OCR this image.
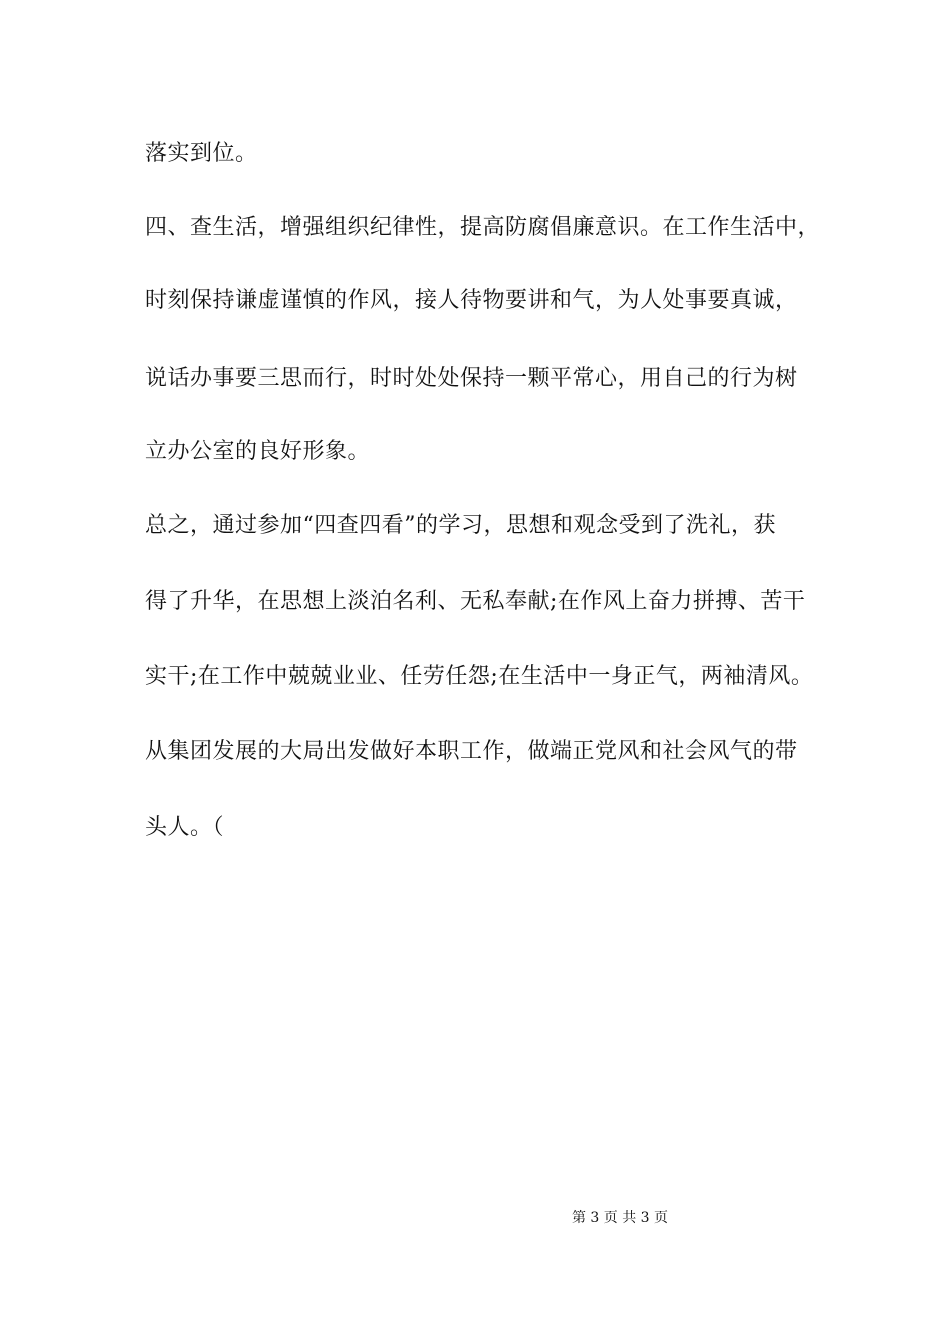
落实到位。
四、查生活，增强组织纪律性，提高防腐倡廉意识。在工作生活中，
时刻保持谦虚谨慎的作风，接人待物要讲和气，为人处事要真诚，
说话办事要三思而行，时时处处保持一颗平常心，用自己的行为树
立办公室的良好形象。
总之，通过参加“四查四看”的学习，思想和观念受到了洗礼，获
得了升华，在思想上淡泊名利、无私奉献;在作风上奋力拼搏、苦干
实干;在工作中兢兢业业、任劳任怨;在生活中一身正气，两袖清风。
从集团发展的大局出发做好本职工作，做端正党风和社会风气的带
头人。（
第 3 页 共 3 页
